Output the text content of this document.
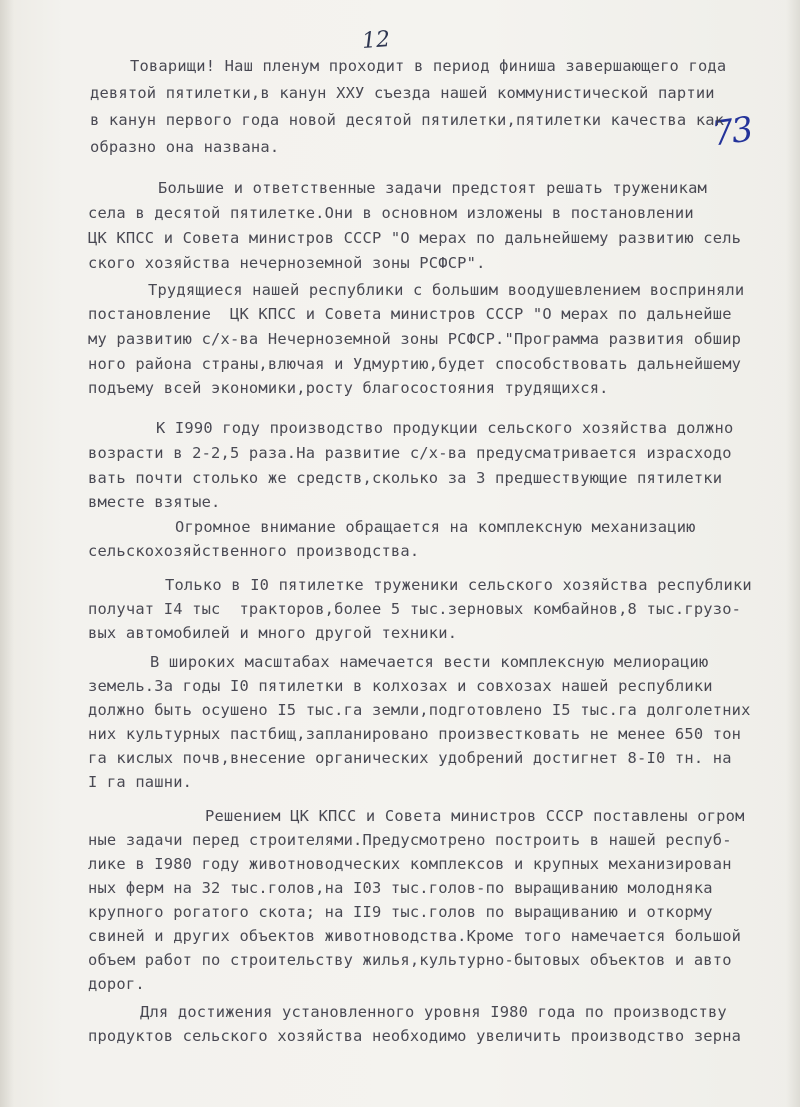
12
73
Товарищи! Наш пленум проходит в период финиша завершающего года
девятой пятилетки,в канун ХХУ съезда нашей коммунистической партии
в канун первого года новой десятой пятилетки,пятилетки качества как
образно она названа.
Большие и ответственные задачи предстоят решать труженикам
села в десятой пятилетке.Они в основном изложены в постановлении
ЦК КПСС и Совета министров СССР "О мерах по дальнейшему развитию сель
ского хозяйства нечерноземной зоны РСФСР".
Трудящиеся нашей республики с большим воодушевлением восприняли
постановление  ЦК КПСС и Совета министров СССР "О мерах по дальнейше
му развитию с/х-ва Нечерноземной зоны РСФСР."Программа развития обшир
ного района страны,влючая и Удмуртию,будет способствовать дальнейшему
подъему всей экономики,росту благосостояния трудящихся.
К I990 году производство продукции сельского хозяйства должно
возрасти в 2-2,5 раза.На развитие с/х-ва предусматривается израсходо
вать почти столько же средств,сколько за 3 предшествующие пятилетки
вместе взятые.
Огромное внимание обращается на комплексную механизацию
сельскохозяйственного производства.
Только в I0 пятилетке труженики сельского хозяйства республики
получат I4 тыс  тракторов,более 5 тыс.зерновых комбайнов,8 тыс.грузо-
вых автомобилей и много другой техники.
В широких масштабах намечается вести комплексную мелиорацию
земель.За годы I0 пятилетки в колхозах и совхозах нашей республики
должно быть осушено I5 тыс.га земли,подготовлено I5 тыс.га долголетних
них культурных пастбищ,запланировано произвестковать не менее 650 тон
га кислых почв,внесение органических удобрений достигнет 8-I0 тн. на
I га пашни.
Решением ЦК КПСС и Совета министров СССР поставлены огром
ные задачи перед строителями.Предусмотрено построить в нашей респуб-
лике в I980 году животноводческих комплексов и крупных механизирован
ных ферм на 32 тыс.голов,на I03 тыс.голов-по выращиванию молодняка
крупного рогатого скота; на II9 тыс.голов по выращиванию и откорму
свиней и других объектов животноводства.Кроме того намечается большой
объем работ по строительству жилья,культурно-бытовых объектов и авто
дорог.
Для достижения установленного уровня I980 года по производству
продуктов сельского хозяйства необходимо увеличить производство зерна
